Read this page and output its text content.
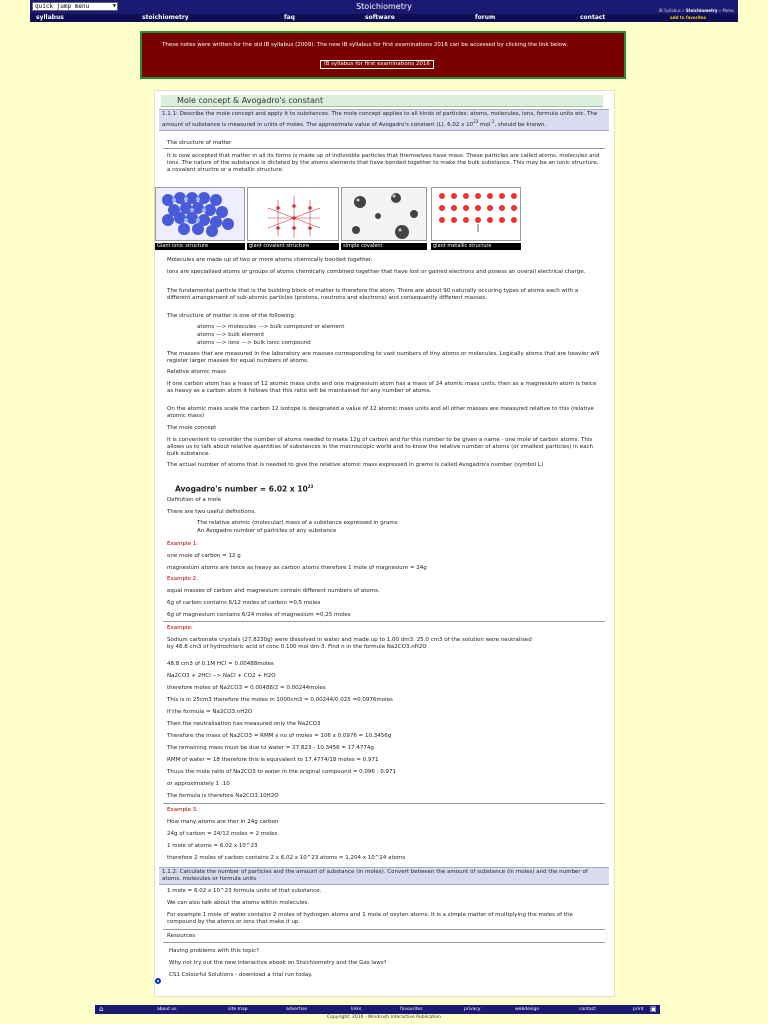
quick jump menu	▼	Stoichiometry	IB Syllabus » Stoichiometry » Moles
syllabus	stoichiometry	faq	software	forum	contact	add to favorites
These notes were written for the old IB syllabus (2009). The new IB syllabus for first examinations 2016 can be accessed by clicking the link below.
IB syllabus for first examinations 2016
Mole concept & Avogadro's constant
1.1.1: Describe the mole concept and apply it to substances. The mole concept applies to all kinds of particles: atoms, molecules, ions, formula units etc. The amount of substance is measured in units of moles. The approximate value of Avogadro's constant (L), 6.02 x $10^{23}$ mol$^{-1}$, should be known.
The structure of matter
It is now accepted that matter in all its forms is made up of indivisible particles that themselves have mass. These particles are called atoms, molecules and ions. The nature of the substance is dictated by the atoms elements that have bonded together to make the bulk substance. This may be an ionic structure, a covalent structre or a metallic structure.
Giant ionic structure	giant covalent structure	simple covalent	giant metallic structure
Molecules are made up of two or more atoms chemically bonded together.
Ions are specialised atoms or groups of atoms chemically combined together that have lost or gained electrons and posess an overall electrical charge.
The fundamental particle that is the building block of matter is therefore the atom. There are about 90 naturally occuring types of atoms each with a different arrangement of sub-atomic particles (protons, neutrons and electrons) and consequently different masses.
The structure of matter is one of the following:
atoms ---> molecules ---> bulk compound or element
atoms ---> bulk element
atoms ---> ions ---> bulk ionic compound
The masses that are measured in the laboratory are masses corresponding to vast numbers of tiny atoms or molecules. Logically atoms that are heavier will register larger masses for equal numbers of atoms.
Relative atomic mass
If one carbon atom has a mass of 12 atomic mass units and one magnesium atom has a mass of 24 atomic mass units, then as a magnesium atom is twice as heavy as a carbon atom it follows that this ratio will be maintained for any number of atoms.
On the atomic mass scale the carbon 12 isotope is designated a value of 12 atomic mass units and all other masses are measured relative to this (relative atomic mass)
The mole concept
It is convenient to consider the number of atoms needed to make 12g of carbon and for this number to be given a name - one mole of carbon atoms. This allows us to talk about relative quantities of substances in the macroscopic world and to know the relative number of atoms (or smallest particles) in each bulk substance.
The actual number of atoms that is needed to give the relative atomic mass expressed in grams is called Avogadro's number (symbol L)
Avogadro's number = 6.02 x $10^{23}$
Definition of a mole
There are two useful definitions.
The relative atomic (molecular) mass of a substance expressed in grams
An Avogadro number of particles of any substance
Example 1:
one mole of carbon = 12 g
magnesium atoms are twice as heavy as carbon atoms therefore 1 mole of magnesium = 24g
Example 2.
equal masses of carbon and magnesium contain different numbers of atoms.
6g of carbon contains 6/12 moles of carbon =0,5 moles
6g of magnesium contains 6/24 moles of magnesium =0,25 moles
Example:
Sodium carbonate crystals (27.8230g) were dissolved in water and made up to 1.00 dm3. 25.0 cm3 of the solution were neutralised by 48.8 cm3 of hydrochloric acid of conc 0.100 mol dm-3. Find n in the formula Na2CO3.nH2O
48.8 cm3 of 0.1M HCl = 0.00488moles
Na2CO3 + 2HCl --> NaCl + CO2 + H2O
therefore moles of Na2CO3 = 0.00488/2 = 0.00244moles
This is in 25cm3 therefore the moles in 1000cm3 = 0.00244/0.025 =0.0976moles
If the formula = Na2CO3.nH2O
Then the neutralisation has measured only the Na2CO3
Therefore the mass of Na2CO3 = RMM x no of moles = 106 x 0.0976 = 10.3456g
The remaining mass must be due to water = 27.823 - 10.3456 = 17.4774g
RMM of water = 18 therefore this is equivalent to 17.4774/18 moles = 0.971
Thuus the mole ratio of Na2CO3 to water in the original compound = 0.096 : 0.971
or approximately 1 :10
The formula is therefore Na2CO3.10H2O
Example 3.
How many atoms are ther in 24g carbon
24g of carbon = 24/12 moles = 2 moles
1 mole of atoms = 6,02 x 10^23
therefore 2 moles of carbon contains 2 x 6,02 x 10^23 atoms = 1,204 x 10^24 atoms
1.1.2: Calculate the number of particles and the amount of substance (in moles). Convert between the amount of substance (in moles) and the number of atoms, molecules or formula units
1 mole = 6.02 x 10^23 formula units of that substance.
We can also talk about the atoms within molecules.
For example 1 mole of water contains 2 moles of hydrogen atoms and 1 mole of oxyten atoms. It is a simple matter of multiplying the moles of the compound by the atoms or ions that make it up.
Resources
Having problems with this topic?
Why not try out the new interactive ebook on Stoichiometry and the Gas laws?
CS1 Colourful Solutions - download a trial run today.
⌂	about us	site map	advertise	links	favourites	privacy	webdesign	contact	print ▣
Copyright; 2016 - Windrush Interactive Publication
